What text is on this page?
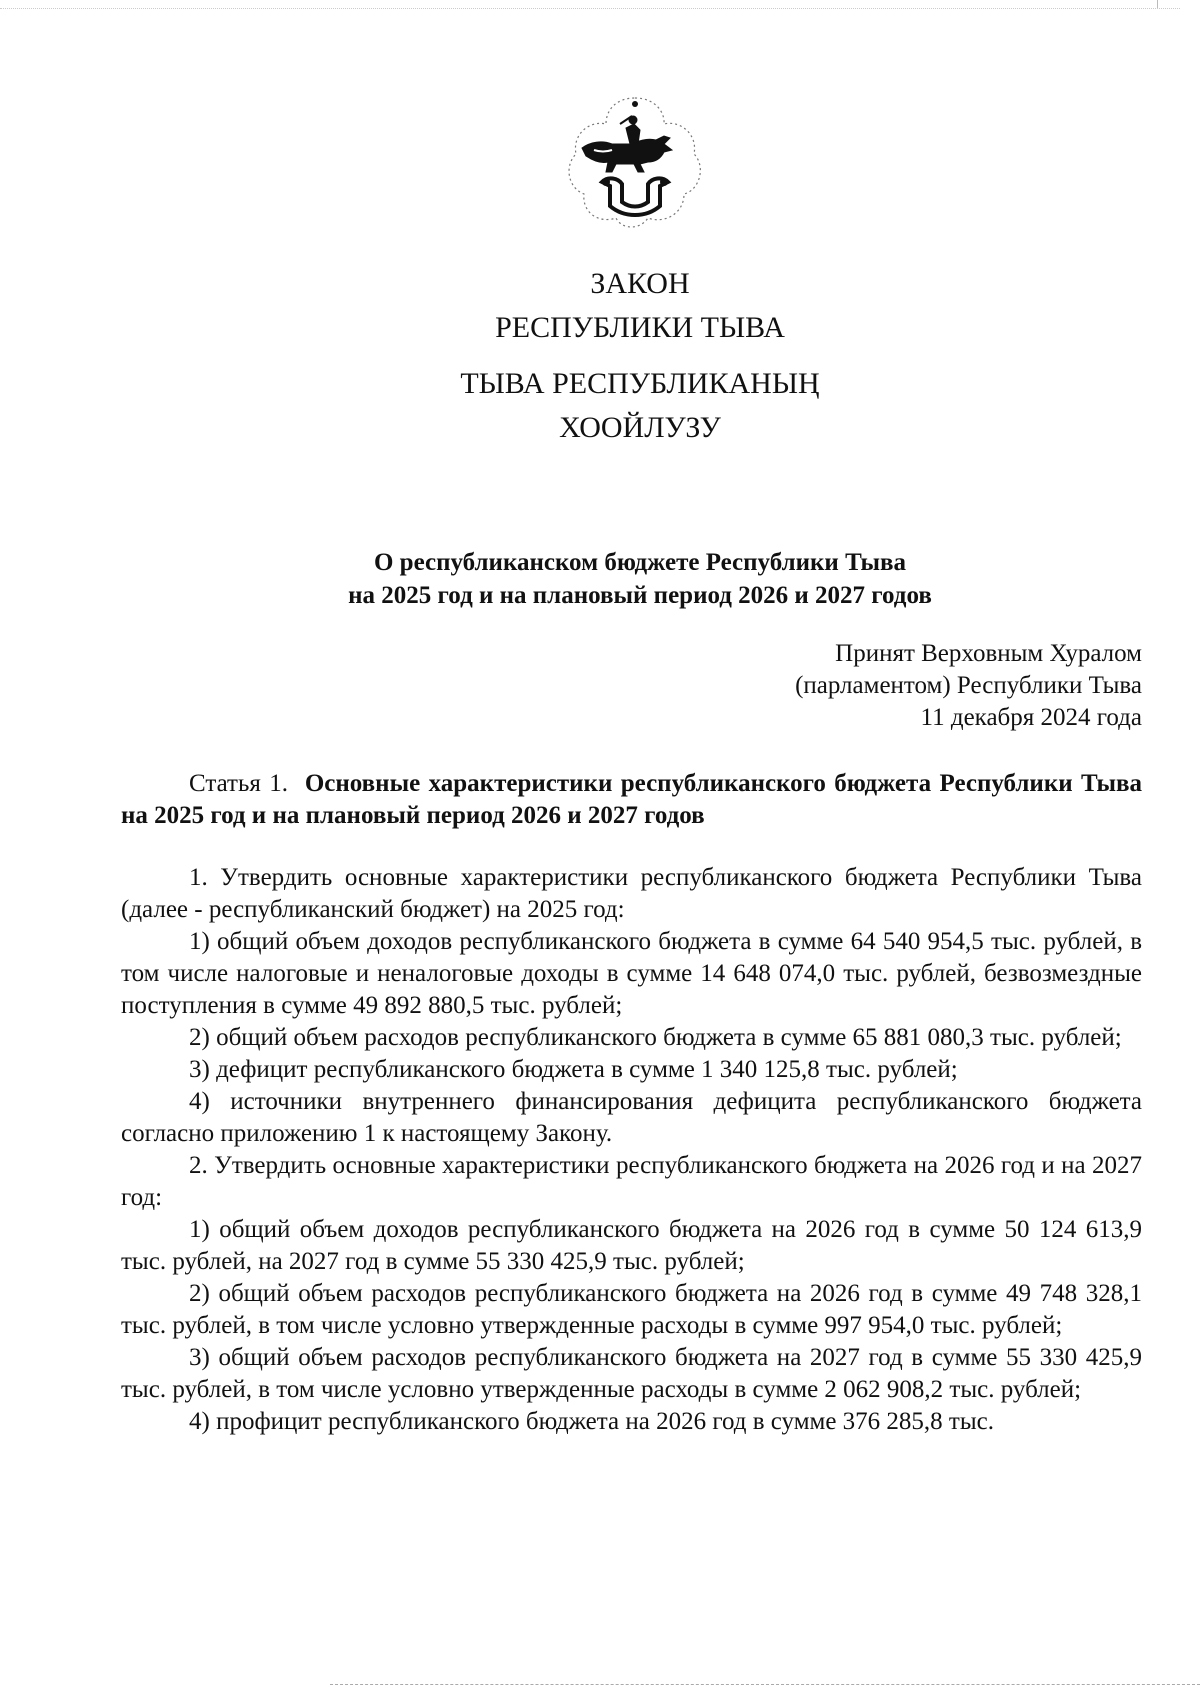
ЗАКОН
РЕСПУБЛИКИ ТЫВА
ТЫВА РЕСПУБЛИКАНЫҢ
ХООЙЛУЗУ
О республиканском бюджете Республики Тыва
на 2025 год и на плановый период 2026 и 2027 годов
Принят Верховным Хуралом
(парламентом) Республики Тыва
11 декабря 2024 года

Статья 1. Основные характеристики республиканского бюджета Республики Тыва на 2025 год и на плановый период 2026 и 2027 годов

1. Утвердить основные характеристики республиканского бюджета Республики Тыва (далее - республиканский бюджет) на 2025 год:

1) общий объем доходов республиканского бюджета в сумме 64 540 954,5 тыс. рублей, в том числе налоговые и неналоговые доходы в сумме 14 648 074,0 тыс. рублей, безвозмездные поступления в сумме 49 892 880,5 тыс. рублей;

2) общий объем расходов республиканского бюджета в сумме 65 881 080,3 тыс. рублей;

3) дефицит республиканского бюджета в сумме 1 340 125,8 тыс. рублей;

4) источники внутреннего финансирования дефицита республиканского бюджета согласно приложению 1 к настоящему Закону.

2. Утвердить основные характеристики республиканского бюджета на 2026 год и на 2027 год:

1) общий объем доходов республиканского бюджета на 2026 год в сумме 50 124 613,9 тыс. рублей, на 2027 год в сумме 55 330 425,9 тыс. рублей;

2) общий объем расходов республиканского бюджета на 2026 год в сумме 49 748 328,1 тыс. рублей, в том числе условно утвержденные расходы в сумме 997 954,0 тыс. рублей;

3) общий объем расходов республиканского бюджета на 2027 год в сумме 55 330 425,9 тыс. рублей, в том числе условно утвержденные расходы в сумме 2 062 908,2 тыс. рублей;

4) профицит республиканского бюджета на 2026 год в сумме 376 285,8 тыс.
